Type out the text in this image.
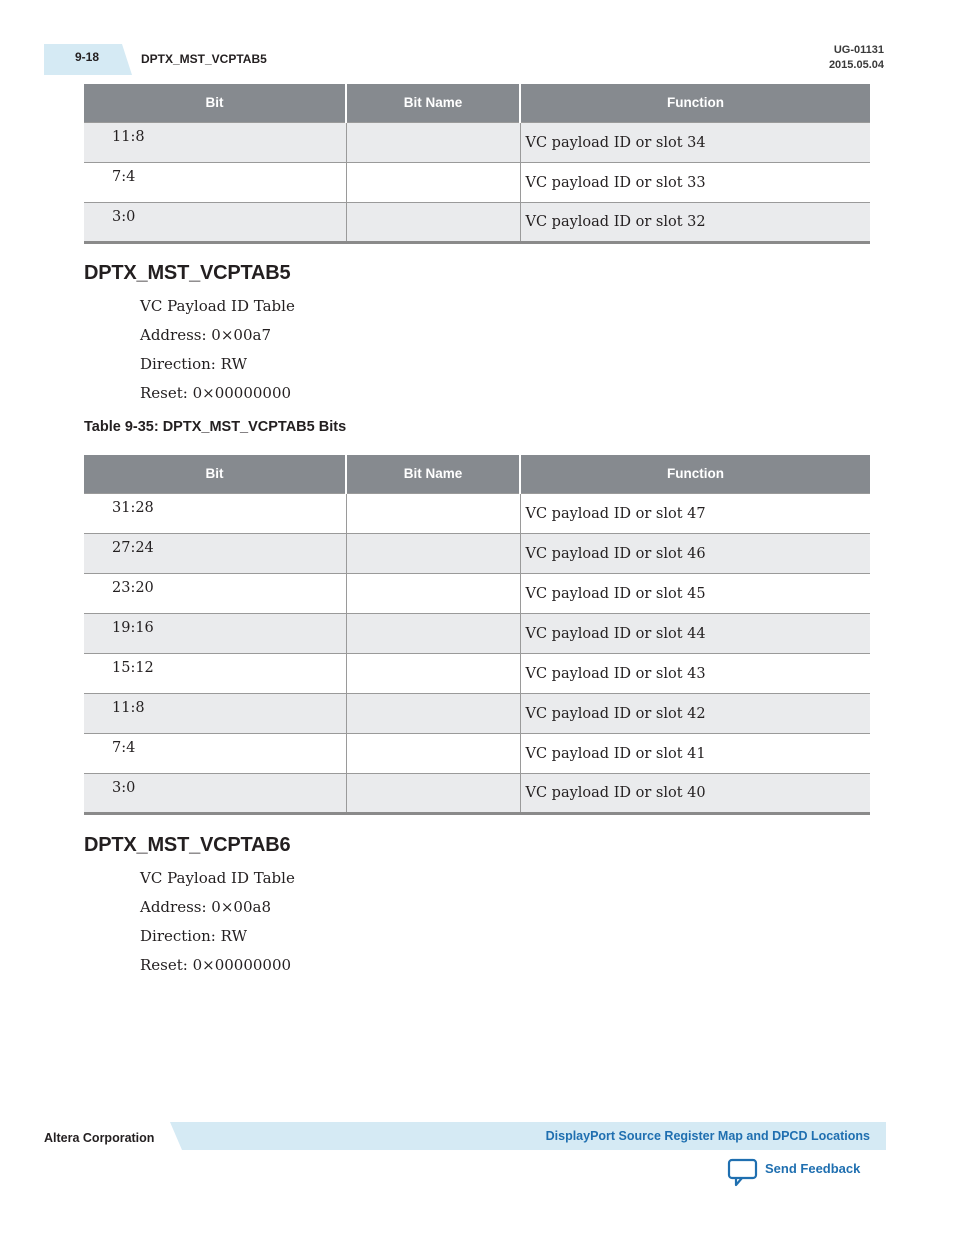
9-18	DPTX_MST_VCPTAB5
UG-01131
2015.05.04
Bit	Bit Name	Function
11:8		VC payload ID or slot 34
7:4		VC payload ID or slot 33
3:0		VC payload ID or slot 32
DPTX_MST_VCPTAB5
VC Payload ID Table
Address: 0×00a7
Direction: RW
Reset: 0×00000000
Table 9-35: DPTX_MST_VCPTAB5 Bits
Bit	Bit Name	Function
31:28		VC payload ID or slot 47
27:24		VC payload ID or slot 46
23:20		VC payload ID or slot 45
19:16		VC payload ID or slot 44
15:12		VC payload ID or slot 43
11:8		VC payload ID or slot 42
7:4		VC payload ID or slot 41
3:0		VC payload ID or slot 40
DPTX_MST_VCPTAB6
VC Payload ID Table
Address: 0×00a8
Direction: RW
Reset: 0×00000000
Altera Corporation	DisplayPort Source Register Map and DPCD Locations
Send Feedback
